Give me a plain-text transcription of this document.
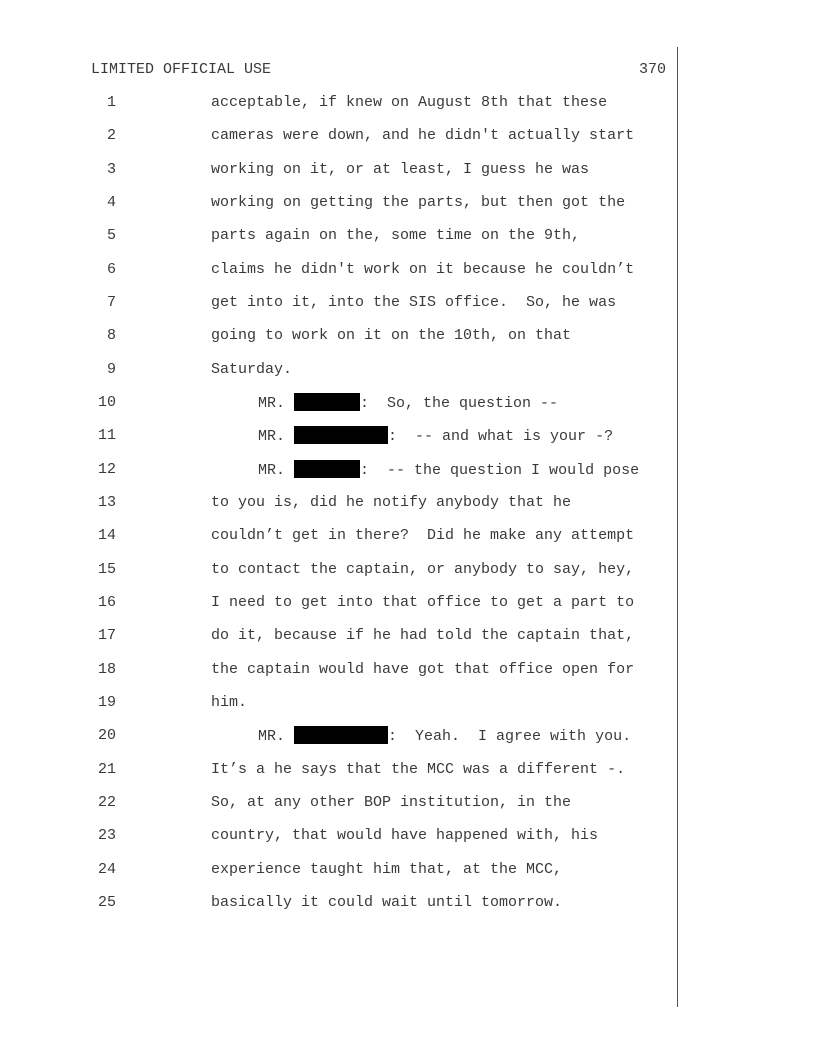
LIMITED OFFICIAL USE	370
1	acceptable, if knew on August 8th that these
2	cameras were down, and he didn't actually start
3	working on it, or at least, I guess he was
4	working on getting the parts, but then got the
5	parts again on the, some time on the 9th,
6	claims he didn't work on it because he couldn’t
7	get into it, into the SIS office.  So, he was
8	going to work on it on the 10th, on that
9	Saturday.
10	MR.	:  So, the question --
11	MR.	:  -- and what is your -?
12	MR.	:  -- the question I would pose
13	to you is, did he notify anybody that he
14	couldn’t get in there?  Did he make any attempt
15	to contact the captain, or anybody to say, hey,
16	I need to get into that office to get a part to
17	do it, because if he had told the captain that,
18	the captain would have got that office open for
19	him.
20	MR.	:  Yeah.  I agree with you.
21	It’s a he says that the MCC was a different -.
22	So, at any other BOP institution, in the
23	country, that would have happened with, his
24	experience taught him that, at the MCC,
25	basically it could wait until tomorrow.
